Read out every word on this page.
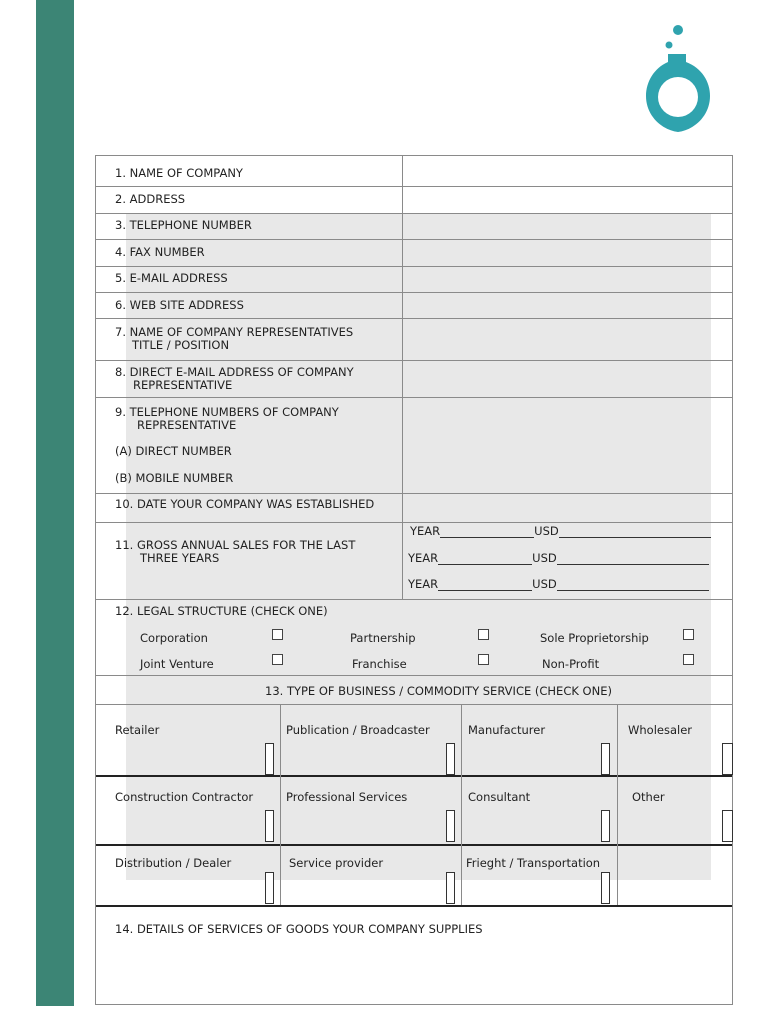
1. NAME OF COMPANY
2. ADDRESS
3. TELEPHONE NUMBER
4. FAX NUMBER
5. E-MAIL ADDRESS
6. WEB SITE ADDRESS
7. NAME OF COMPANY REPRESENTATIVES
TITLE / POSITION
8. DIRECT E-MAIL ADDRESS OF COMPANY
REPRESENTATIVE
9. TELEPHONE NUMBERS OF COMPANY
REPRESENTATIVE
(A) DIRECT NUMBER
(B) MOBILE NUMBER
10. DATE YOUR COMPANY WAS ESTABLISHED
11. GROSS ANNUAL SALES FOR THE LAST
THREE YEARS
YEAR	USD
YEAR	USD
YEAR	USD
12. LEGAL STRUCTURE (CHECK ONE)
Corporation	Partnership	Sole Proprietorship
Joint Venture	Franchise	Non-Profit
13. TYPE OF BUSINESS / COMMODITY SERVICE (CHECK ONE)
Retailer	Publication / Broadcaster	Manufacturer	Wholesaler
Construction Contractor	Professional Services	Consultant	Other
Distribution / Dealer	Service provider	Frieght / Transportation
14. DETAILS OF SERVICES OF GOODS YOUR COMPANY SUPPLIES
